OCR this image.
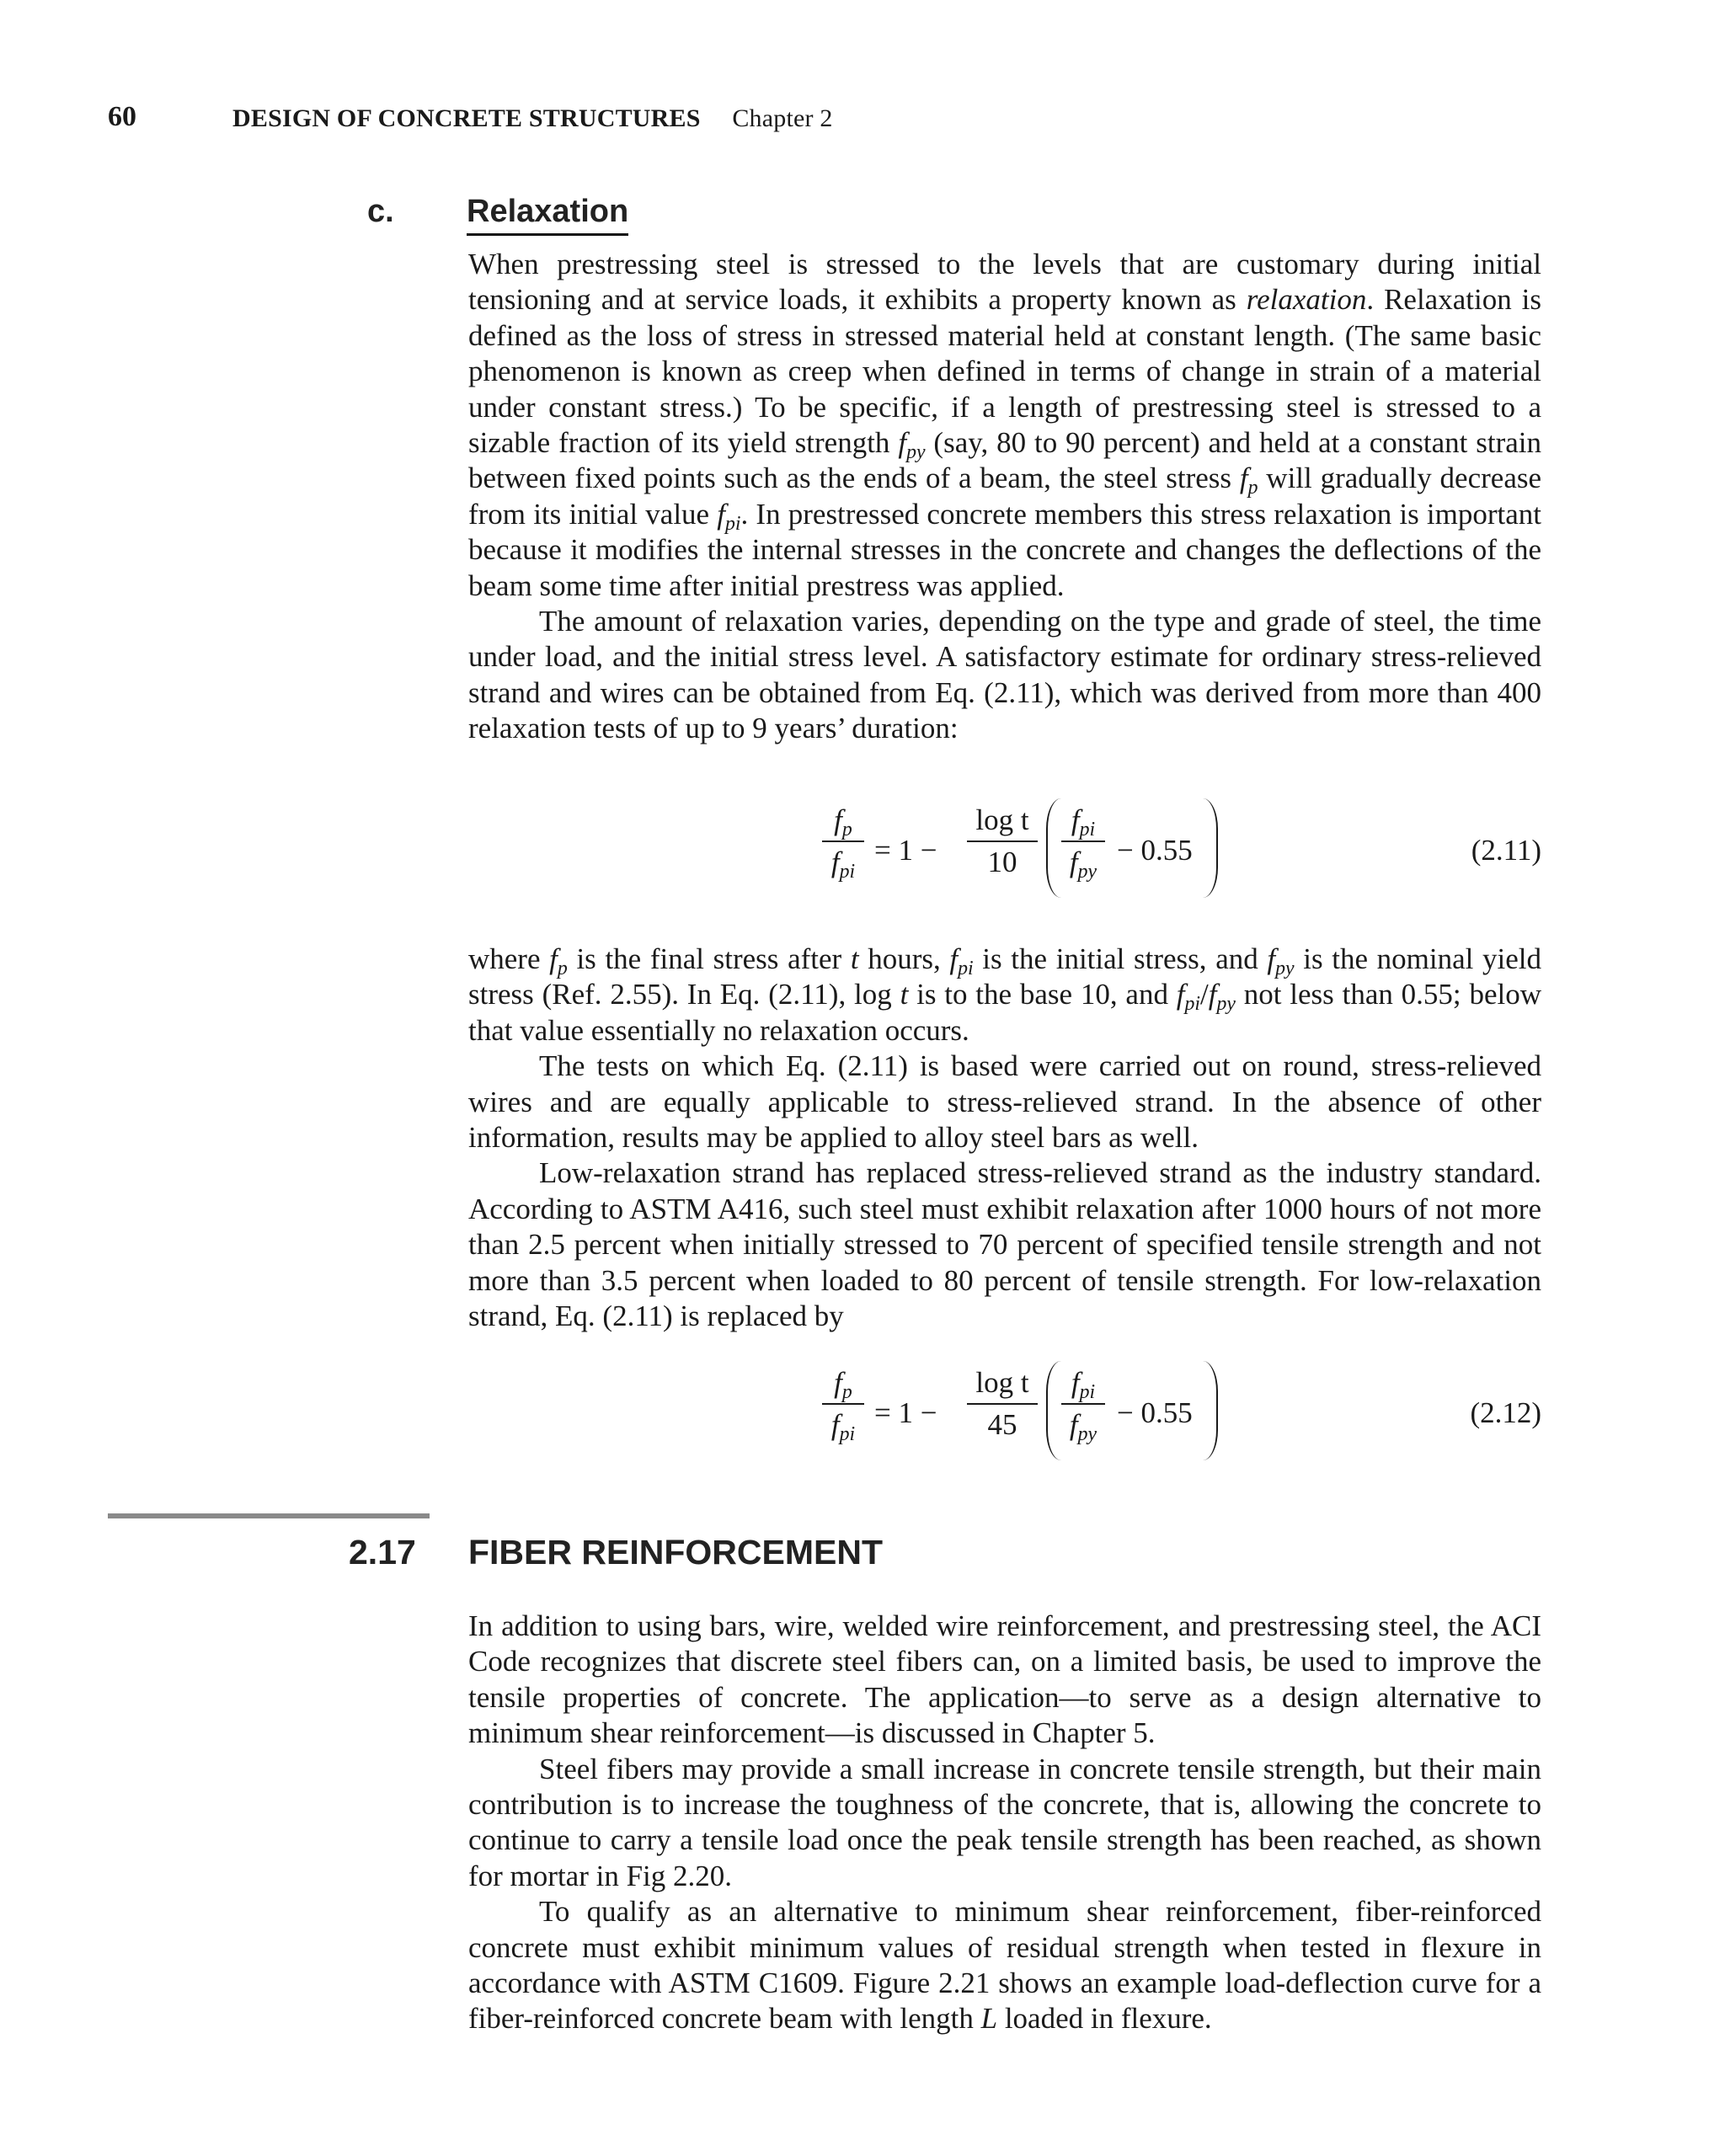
60	DESIGN OF CONCRETE STRUCTURES Chapter 2
c. Relaxation

When prestressing steel is stressed to the levels that are customary during initial tensioning and at service loads, it exhibits a property known as relaxation. Relaxation is defined as the loss of stress in stressed material held at constant length. (The same basic phenomenon is known as creep when defined in terms of change in strain of a material under constant stress.) To be specific, if a length of prestressing steel is stressed to a sizable fraction of its yield strength $f_{py}$ (say, 80 to 90 percent) and held at a constant strain between fixed points such as the ends of a beam, the steel stress $f_p$ will gradually decrease from its initial value $f_{pi}$. In prestressed concrete members this stress relaxation is important because it modifies the internal stresses in the concrete and changes the deflections of the beam some time after initial prestress was applied.

The amount of relaxation varies, depending on the type and grade of steel, the time under load, and the initial stress level. A satisfactory estimate for ordinary stress-relieved strand and wires can be obtained from Eq. (2.11), which was derived from more than 400 relaxation tests of up to 9 years’ duration:

$f_p$
$f_{pi}$
= 1 −
log t
10
$f_{pi}$
$f_{py}$
− 0.55	(2.11)

where $f_p$ is the final stress after t hours, $f_{pi}$ is the initial stress, and $f_{py}$ is the nominal yield stress (Ref. 2.55). In Eq. (2.11), log t is to the base 10, and $f_{pi}/f_{py}$ not less than 0.55; below that value essentially no relaxation occurs.

The tests on which Eq. (2.11) is based were carried out on round, stress-relieved wires and are equally applicable to stress-relieved strand. In the absence of other information, results may be applied to alloy steel bars as well.

Low-relaxation strand has replaced stress-relieved strand as the industry standard. According to ASTM A416, such steel must exhibit relaxation after 1000 hours of not more than 2.5 percent when initially stressed to 70 percent of specified tensile strength and not more than 3.5 percent when loaded to 80 percent of tensile strength. For low-relaxation strand, Eq. (2.11) is replaced by

$f_p$
$f_{pi}$
= 1 −
log t
45
$f_{pi}$
$f_{py}$
− 0.55	(2.12)
2.17 FIBER REINFORCEMENT

In addition to using bars, wire, welded wire reinforcement, and prestressing steel, the ACI Code recognizes that discrete steel fibers can, on a limited basis, be used to improve the tensile properties of concrete. The application—to serve as a design alternative to minimum shear reinforcement—is discussed in Chapter 5.

Steel fibers may provide a small increase in concrete tensile strength, but their main contribution is to increase the toughness of the concrete, that is, allowing the concrete to continue to carry a tensile load once the peak tensile strength has been reached, as shown for mortar in Fig 2.20.

To qualify as an alternative to minimum shear reinforcement, fiber-reinforced concrete must exhibit minimum values of residual strength when tested in flexure in accordance with ASTM C1609. Figure 2.21 shows an example load-deflection curve for a fiber-reinforced concrete beam with length L loaded in flexure.
